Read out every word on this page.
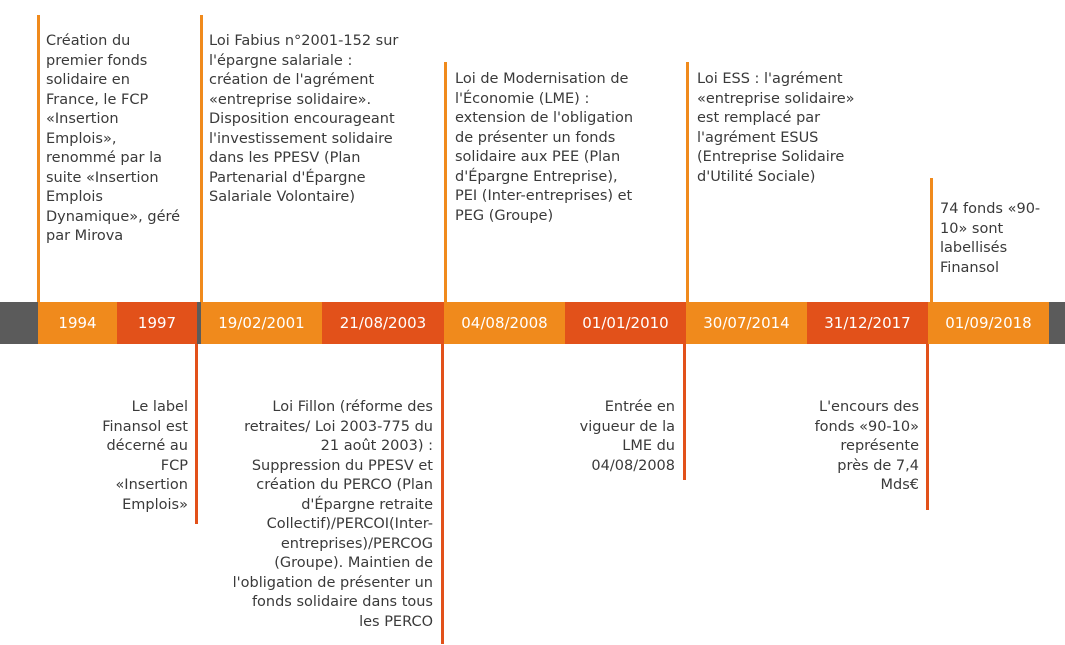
1994	1997	19/02/2001	21/08/2003	04/08/2008	01/01/2010	30/07/2014	31/12/2017	01/09/2018
Création du premier fonds solidaire en France, le FCP «Insertion Emplois», renommé par la suite «Insertion Emplois Dynamique», géré par Mirova
Loi Fabius n°2001-152 sur l'épargne salariale : création de l'agrément «entreprise solidaire». Disposition encourageant l'investissement solidaire dans les PPESV (Plan Partenarial d'Épargne Salariale Volontaire)
Loi de Modernisation de l'Économie (LME) : extension de l'obligation de présenter un fonds solidaire aux PEE (Plan d'Épargne Entreprise), PEI (Inter-entreprises) et PEG (Groupe)
Loi ESS : l'agrément «entreprise solidaire» est remplacé par l'agrément ESUS (Entreprise Solidaire d'Utilité Sociale)
74 fonds «90-10» sont labellisés Finansol
Le label Finansol est décerné au FCP «Insertion Emplois»
Loi Fillon (réforme des retraites/ Loi 2003-775 du 21 août 2003) : Suppression du PPESV et création du PERCO (Plan d'Épargne retraite Collectif)/PERCOI(Inter-entreprises)/PERCOG (Groupe). Maintien de l'obligation de présenter un fonds solidaire dans tous les PERCO
Entrée en vigueur de la LME du 04/08/2008
L'encours des fonds «90-10» représente près de 7,4 Mds€
